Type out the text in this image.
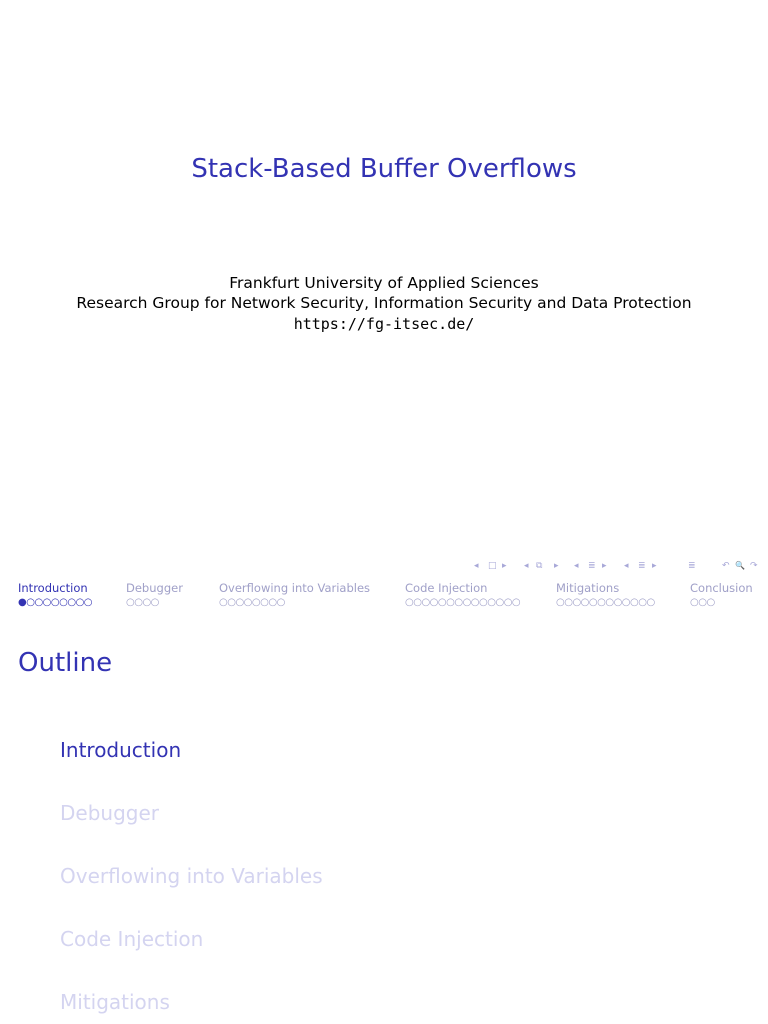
Stack-Based Buffer Overflows
Frankfurt University of Applied Sciences
Research Group for Network Security, Information Security and Data Protection
https://fg-itsec.de/
◂ □ ▸ ◂ ⧉ ▸ ◂ ≣ ▸ ◂ ≣ ▸	≣	↶ 🔍 ↷
Introduction
●○○○○○○○○
Debugger
○○○○
Overflowing into Variables
○○○○○○○○
Code Injection
○○○○○○○○○○○○○○
Mitigations
○○○○○○○○○○○○
Conclusion
○○○
Outline
Introduction
Debugger
Overflowing into Variables
Code Injection
Mitigations
